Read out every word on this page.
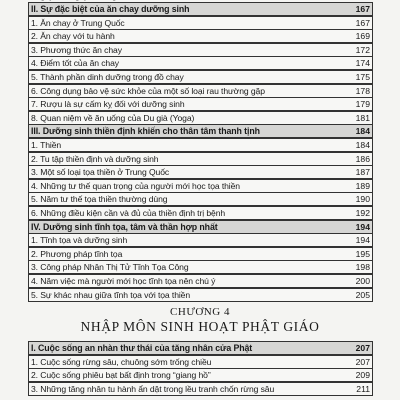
II. Sự đặc biệt của ăn chay dưỡng sinh	167
1. Ăn chay ở Trung Quốc	167
2. Ăn chay với tu hành	169
3. Phương thức ăn chay	172
4. Điểm tốt của ăn chay	174
5. Thành phần dinh dưỡng trong đồ chay	175
6. Công dụng bảo vệ sức khỏe của một số loại rau thường gặp	178
7. Rượu là sự cấm kỵ đối với dưỡng sinh	179
8. Quan niệm về ăn uống của Du già (Yoga)	181
III. Dưỡng sinh thiền định khiến cho thân tâm thanh tịnh	184
1. Thiền	184
2. Tu tập thiền định và dưỡng sinh	186
3. Một số loại tọa thiền ở Trung Quốc	187
4. Những tư thế quan trọng của người mới học tọa thiền	189
5. Năm tư thế tọa thiền thường dùng	190
6. Những điều kiện cần và đủ của thiền định trị bệnh	192
IV. Dưỡng sinh tĩnh tọa, tâm và thần hợp nhất	194
1. Tĩnh tọa và dưỡng sinh	194
2. Phương pháp tĩnh tọa	195
3. Công pháp Nhân Thị Tử Tĩnh Tọa Công	198
4. Năm việc mà người mới học tĩnh tọa nên chú ý	200
5. Sự khác nhau giữa tĩnh tọa với tọa thiền	205
CHƯƠNG 4
NHẬP MÔN SINH HOẠT PHẬT GIÁO
I. Cuộc sống an nhàn thư thái của tăng nhân cửa Phật	207
1. Cuộc sống rừng sâu, chuông sớm trống chiều	207
2. Cuộc sống phiêu bạt bất định trong “giang hồ”	209
3. Những tăng nhân tu hành ẩn dật trong lều tranh chốn rừng sâu	211
